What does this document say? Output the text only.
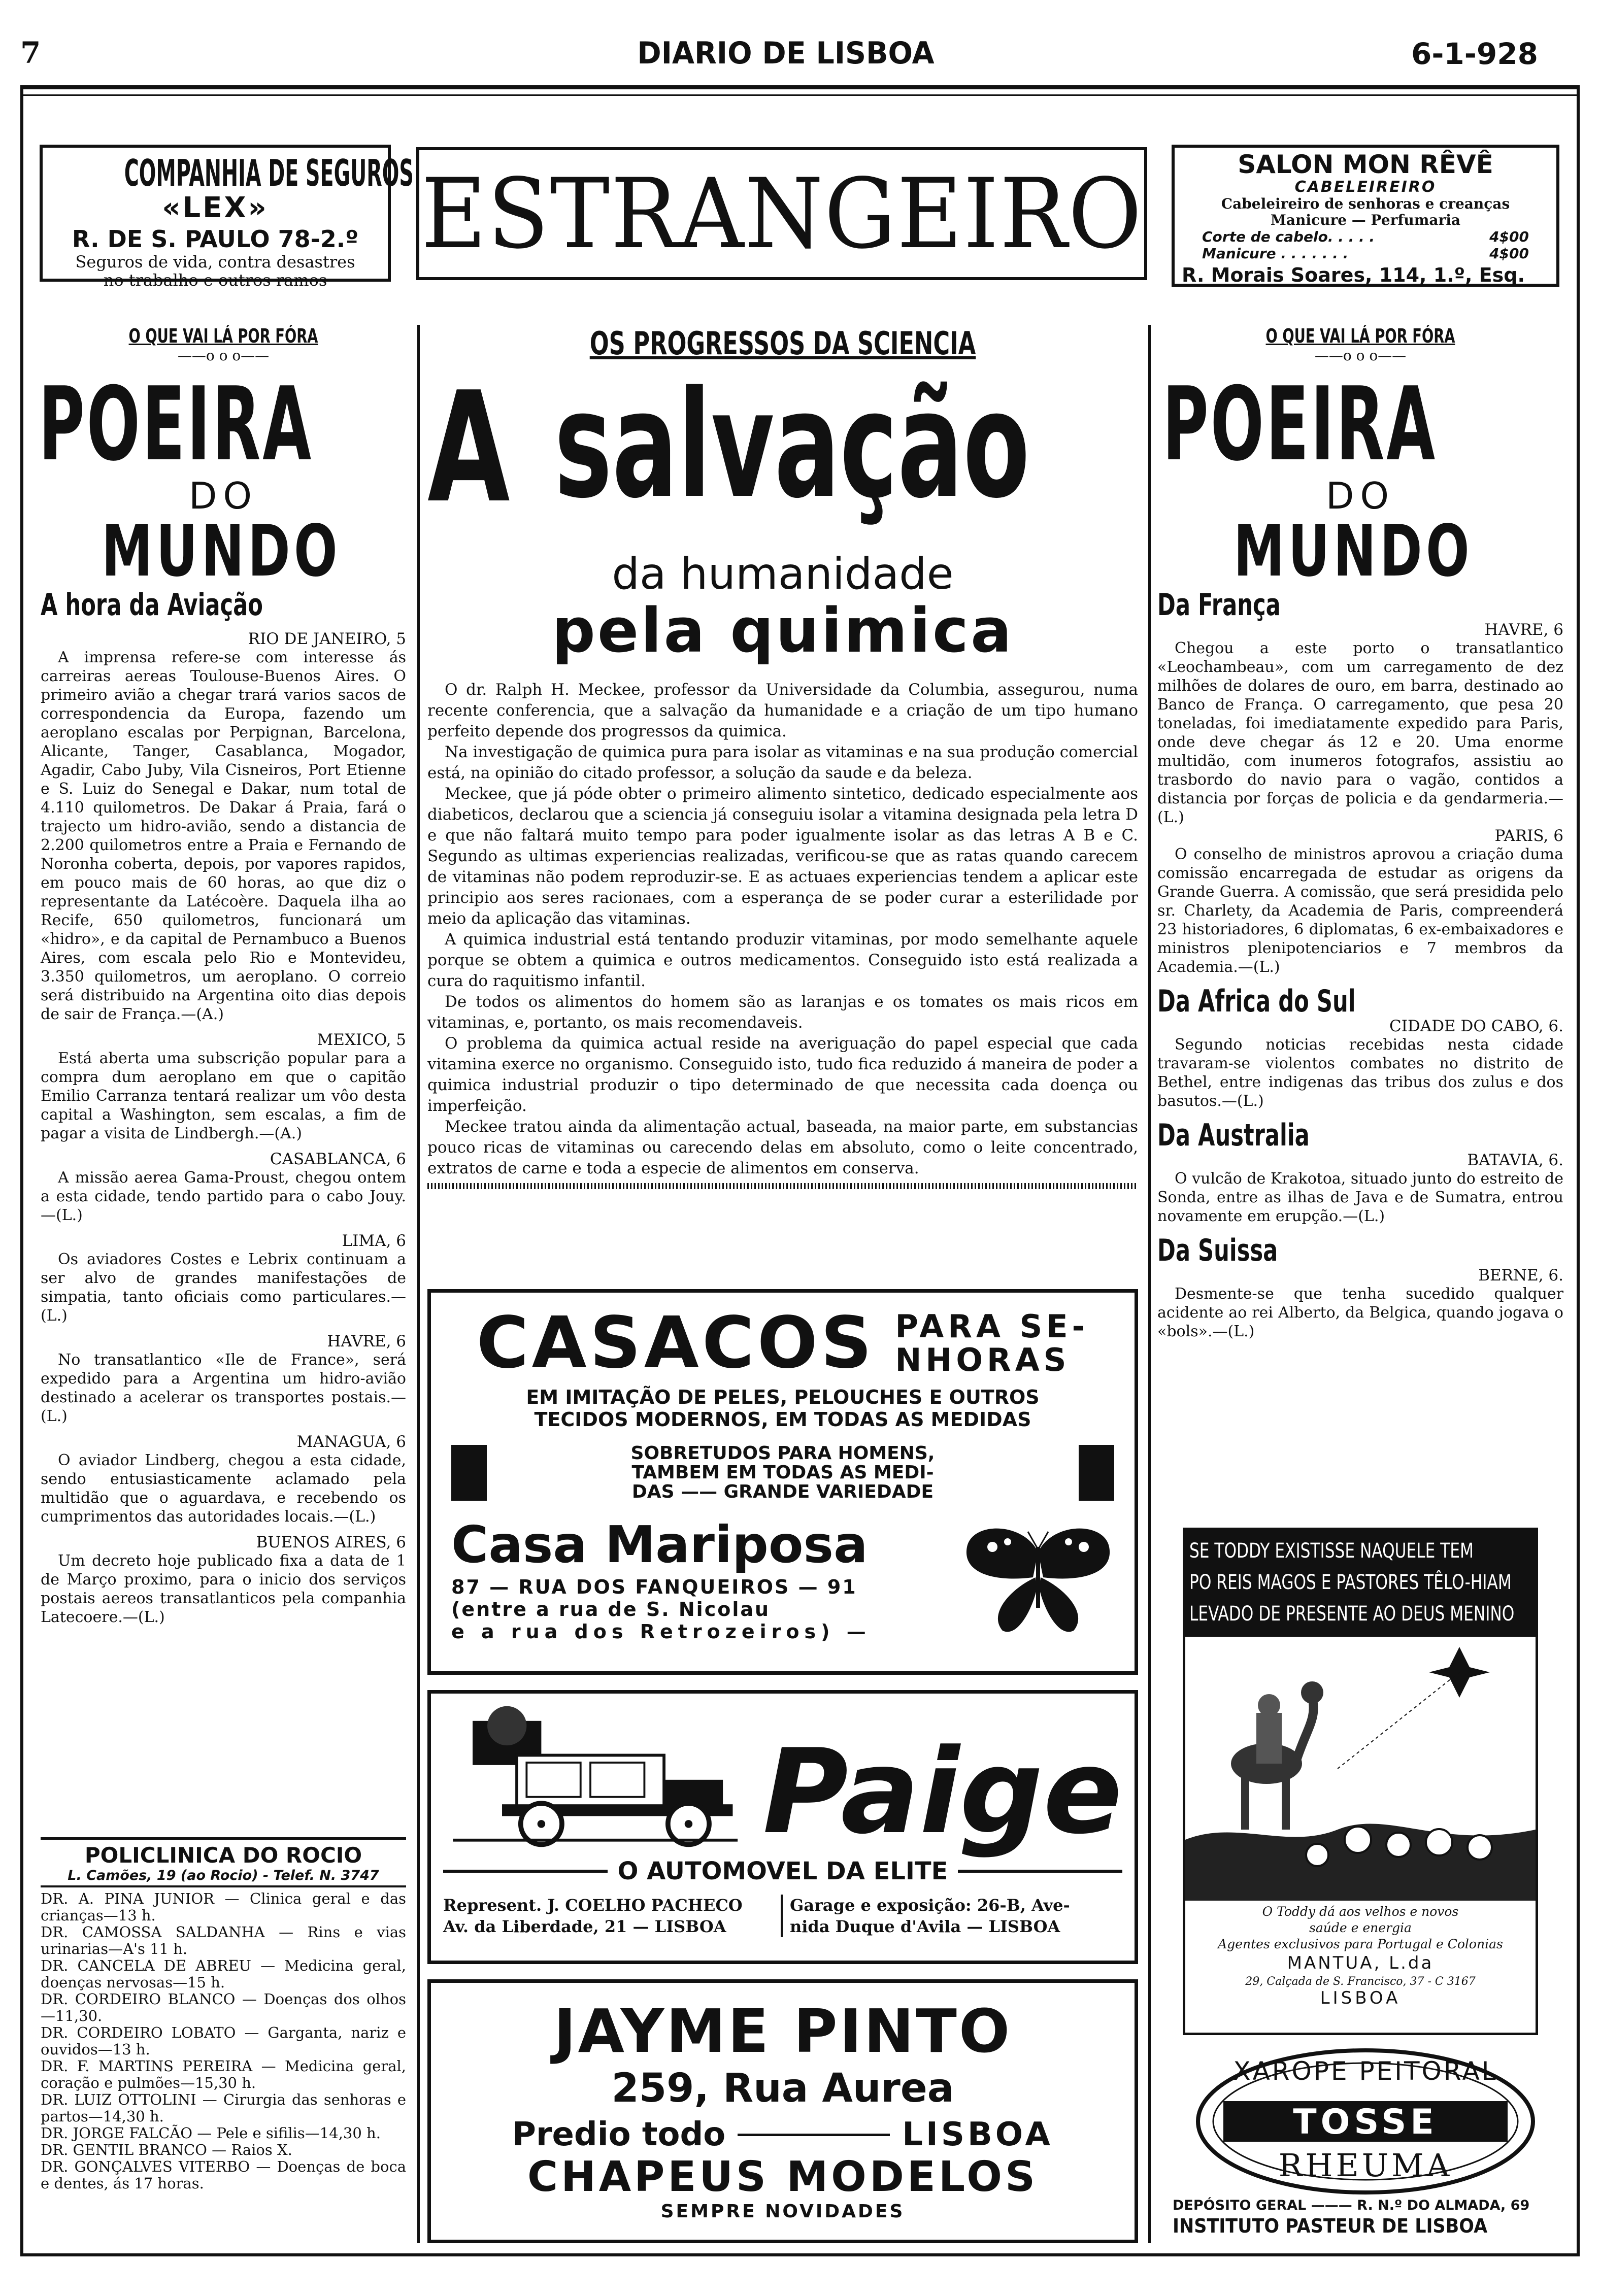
7	DIARIO DE LISBOA	6-1-928
COMPANHIA DE SEGUROS
«LEX»
R. DE S. PAULO 78-2.º
Seguros de vida, contra desastres
no trabalho e outros ramos
ESTRANGEIRO	SALON MON RÊVÊ
CABELEIREIRO
Cabeleireiro de senhoras e creanças
Manicure — Perfumaria
Corte de cabelo. . . . .	4$00
Manicure . . . . . . .	4$00
R. Morais Soares, 114, 1.º, Esq.
O QUE VAI LÁ POR FÓRA
——o o o——
POEIRA
DO
MUNDO
A hora da Aviação
RIO DE JANEIRO, 5

A imprensa refere-se com interesse ás carreiras aereas Toulouse-Buenos Aires. O primeiro avião a chegar trará varios sacos de correspondencia da Europa, fazendo um aeroplano escalas por Perpignan, Barcelona, Alicante, Tanger, Casablanca, Mogador, Agadir, Cabo Juby, Vila Cisneiros, Port Etienne e S. Luiz do Senegal e Dakar, num total de 4.110 quilometros. De Dakar á Praia, fará o trajecto um hidro-avião, sendo a distancia de 2.200 quilometros entre a Praia e Fernando de Noronha coberta, depois, por vapores rapidos, em pouco mais de 60 horas, ao que diz o representante da Latécoère. Daquela ilha ao Recife, 650 quilometros, funcionará um «hidro», e da capital de Pernambuco a Buenos Aires, com escala pelo Rio e Montevideu, 3.350 quilometros, um aeroplano. O correio será distribuido na Argentina oito dias depois de sair de França.—(A.)

MEXICO, 5

Está aberta uma subscrição popular para a compra dum aeroplano em que o capitão Emilio Carranza tentará realizar um vôo desta capital a Washington, sem escalas, a fim de pagar a visita de Lindbergh.—(A.)

CASABLANCA, 6

A missão aerea Gama-Proust, chegou ontem a esta cidade, tendo partido para o cabo Jouy.—(L.)

LIMA, 6

Os aviadores Costes e Lebrix continuam a ser alvo de grandes manifestações de simpatia, tanto oficiais como particulares.—(L.)

HAVRE, 6

No transatlantico «Ile de France», será expedido para a Argentina um hidro-avião destinado a acelerar os transportes postais.—(L.)

MANAGUA, 6

O aviador Lindberg, chegou a esta cidade, sendo entusiasticamente aclamado pela multidão que o aguardava, e recebendo os cumprimentos das autoridades locais.—(L.)

BUENOS AIRES, 6

Um decreto hoje publicado fixa a data de 1 de Março proximo, para o inicio dos serviços postais aereos transatlanticos pela companhia Latecoere.—(L.)

POLICLINICA DO ROCIO
L. Camões, 19 (ao Rocio) - Telef. N. 3747

DR. A. PINA JUNIOR — Clinica geral e das crianças—13 h.

DR. CAMOSSA SALDANHA — Rins e vias urinarias—A's 11 h.

DR. CANCELA DE ABREU — Medicina geral, doenças nervosas—15 h.

DR. CORDEIRO BLANCO — Doenças dos olhos—11,30.

DR. CORDEIRO LOBATO — Garganta, nariz e ouvidos—13 h.

DR. F. MARTINS PEREIRA — Medicina geral, coração e pulmões—15,30 h.

DR. LUIZ OTTOLINI — Cirurgia das senhoras e partos—14,30 h.

DR. JORGE FALCÃO — Pele e sifilis—14,30 h.

DR. GENTIL BRANCO — Raios X.

DR. GONÇALVES VITERBO — Doenças de boca e dentes, ás 17 horas.

OS PROGRESSOS DA SCIENCIA
A salvação
da humanidade
pela quimica

O dr. Ralph H. Meckee, professor da Universidade da Columbia, assegurou, numa recente conferencia, que a salvação da humanidade e a criação de um tipo humano perfeito depende dos progressos da quimica.

Na investigação de quimica pura para isolar as vitaminas e na sua produção comercial está, na opinião do citado professor, a solução da saude e da beleza.

Meckee, que já póde obter o primeiro alimento sintetico, dedicado especialmente aos diabeticos, declarou que a sciencia já conseguiu isolar a vitamina designada pela letra D e que não faltará muito tempo para poder igualmente isolar as das letras A B e C. Segundo as ultimas experiencias realizadas, verificou-se que as ratas quando carecem de vitaminas não podem reproduzir-se. E as actuaes experiencias tendem a aplicar este principio aos seres racionaes, com a esperança de se poder curar a esterilidade por meio da aplicação das vitaminas.

A quimica industrial está tentando produzir vitaminas, por modo semelhante aquele porque se obtem a quimica e outros medicamentos. Conseguido isto está realizada a cura do raquitismo infantil.

De todos os alimentos do homem são as laranjas e os tomates os mais ricos em vitaminas, e, portanto, os mais recomendaveis.

O problema da quimica actual reside na averiguação do papel especial que cada vitamina exerce no organismo. Conseguido isto, tudo fica reduzido á maneira de poder a quimica industrial produzir o tipo determinado de que necessita cada doença ou imperfeição.

Meckee tratou ainda da alimentação actual, baseada, na maior parte, em substancias pouco ricas de vitaminas ou carecendo delas em absoluto, como o leite concentrado, extratos de carne e toda a especie de alimentos em conserva.

CASACOS PARA SE-
NHORAS
EM IMITAÇÃO DE PELES, PELOUCHES E OUTROS
TECIDOS MODERNOS, EM TODAS AS MEDIDAS
SOBRETUDOS PARA HOMENS,
TAMBEM EM TODAS AS MEDI-
DAS —— GRANDE VARIEDADE
Casa Mariposa
87 — RUA DOS FANQUEIROS — 91
(entre a rua de S. Nicolau
e a rua dos Retrozeiros) —
Paige
O AUTOMOVEL DA ELITE
Represent. J. COELHO PACHECO
Av. da Liberdade, 21 — LISBOA
Garage e exposição: 26-B, Ave-
nida Duque d'Avila — LISBOA
JAYME PINTO
259, Rua Aurea
Predio todo	LISBOA
CHAPEUS MODELOS
SEMPRE NOVIDADES
O QUE VAI LÁ POR FÓRA
——o o o——
POEIRA
DO
MUNDO
Da França
HAVRE, 6

Chegou a este porto o transatlantico «Leochambeau», com um carregamento de dez milhões de dolares de ouro, em barra, destinado ao Banco de França. O carregamento, que pesa 20 toneladas, foi imediatamente expedido para Paris, onde deve chegar ás 12 e 20. Uma enorme multidão, com inumeros fotografos, assistiu ao trasbordo do navio para o vagão, contidos a distancia por forças de policia e da gendarmeria.—(L.)

PARIS, 6

O conselho de ministros aprovou a criação duma comissão encarregada de estudar as origens da Grande Guerra. A comissão, que será presidida pelo sr. Charlety, da Academia de Paris, compreenderá 23 historiadores, 6 diplomatas, 6 ex-embaixadores e ministros plenipotenciarios e 7 membros da Academia.—(L.)

Da Africa do Sul
CIDADE DO CABO, 6.

Segundo noticias recebidas nesta cidade travaram-se violentos combates no distrito de Bethel, entre indigenas das tribus dos zulus e dos basutos.—(L.)

Da Australia
BATAVIA, 6.

O vulcão de Krakotoa, situado junto do estreito de Sonda, entre as ilhas de Java e de Sumatra, entrou novamente em erupção.—(L.)

Da Suissa
BERNE, 6.

Desmente-se que tenha sucedido qualquer acidente ao rei Alberto, da Belgica, quando jogava o «bols».—(L.)

SE TODDY EXISTISSE NAQUELE TEM
PO REIS MAGOS E PASTORES TÊLO-HIAM
LEVADO DE PRESENTE AO DEUS MENINO
O Toddy dá aos velhos e novos
saúde e energia
Agentes exclusivos para Portugal e Colonias
MANTUA, L.da
29, Calçada de S. Francisco, 37 - C 3167
LISBOA
XAROPE PEITORAL
TOSSE
RHEUMA
DEPÓSITO GERAL ——— R. N.º DO ALMADA, 69
INSTITUTO PASTEUR DE LISBOA
